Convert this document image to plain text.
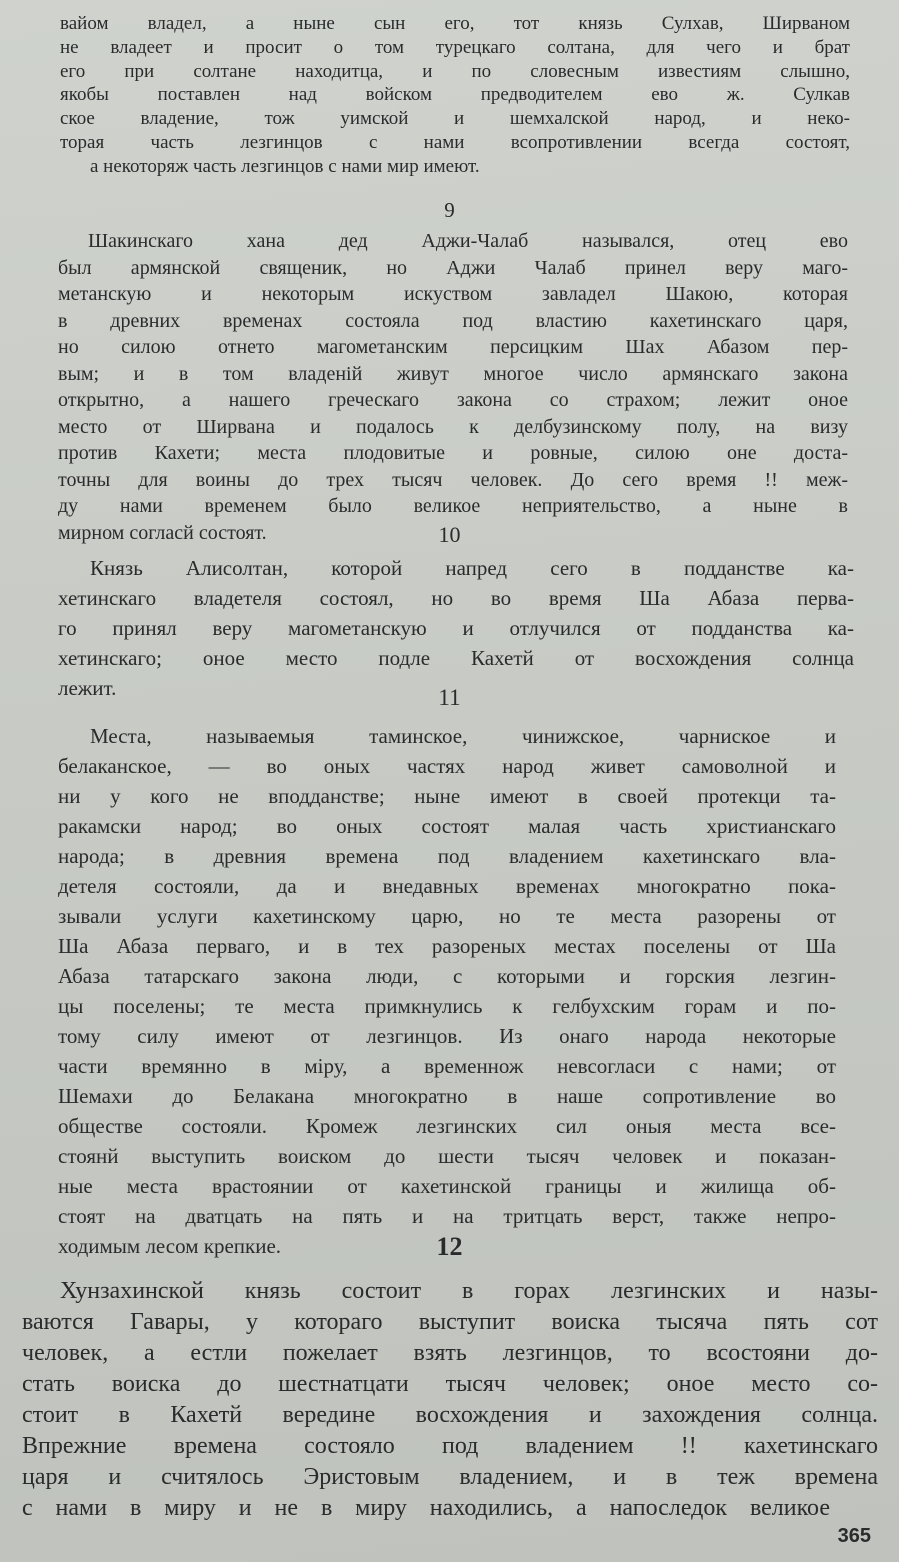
вайом владел, а ныне сын его, тот князь Сулхав, Ширваном
не владеет и просит о том турецкаго солтана, для чего и брат
его при солтане находитца, и по словесным известиям слышно,
якобы поставлен над войском предводителем ево ж. Сулкав
ское владение, тож уимской и шемхалской народ, и неко-
торая часть лезгинцов с нами всопротивлении всегда состоят,
а некоторяж часть лезгинцов с нами мир имеют.
9
Шакинскаго хана дед Аджи-Чалаб назывался, отец ево
был армянской священик, но Аджи Чалаб принел веру маго-
метанскую и некоторым искуством завладел Шакою, которая
в древних временах состояла под властию кахетинскаго царя,
но силою отнето магометанским персицким Шах Абазом пер-
вым; и в том владеній живут многое число армянскаго закона
открытно, а нашего греческаго закона со страхом; лежит оное
место от Ширвана и подалось к делбузинскому полу, на визу
против Кахети; места плодовитые и ровные, силою оне доста-
точны для воины до трех тысяч человек. До сего время !! меж-
ду нами временем было великое неприятельство, а ныне в
мирном согласй состоят.	10
Князь Алисолтан, которой напред сего в подданстве ка-
хетинскаго владетеля состоял, но во время Ша Абаза перва-
го принял веру магометанскую и отлучился от подданства ка-
хетинскаго; оное место подле Кахетй от восхождения солнца
лежит.	11
Места, называемыя таминское, чинижское, чарниское и
белаканское, — во оных частях народ живет самоволной и
ни у кого не вподданстве; ныне имеют в своей протекци та-
ракамски народ; во оных состоят малая часть христианскаго
народа; в древния времена под владением кахетинскаго вла-
детеля состояли, да и внедавных временах многократно пока-
зывали услуги кахетинскому царю, но те места разорены от
Ша Абаза перваго, и в тех разореных местах поселены от Ша
Абаза татарскаго закона люди, с которыми и горския лезгин-
цы поселены; те места примкнулись к гелбухским горам и по-
тому силу имеют от лезгинцов. Из онаго народа некоторые
части времянно в міру, а временнож невсогласи с нами; от
Шемахи до Белакана многократно в наше сопротивление во
обществе состояли. Кромеж лезгинских сил оныя места все-
стоянй выступить воиском до шести тысяч человек и показан-
ные места врастоянии от кахетинской границы и жилища об-
стоят на дватцать на пять и на тритцать верст, также непро-
ходимым лесом крепкие.	12
Хунзахинской князь состоит в горах лезгинских и назы-
ваются Гавары, у котораго выступит воиска тысяча пять сот
человек, а естли пожелает взять лезгинцов, то всостояни до-
стать воиска до шестнатцати тысяч человек; оное место со-
стоит в Кахетй вередине восхождения и захождения солнца.
Впрежние времена состояло под владением !! кахетинскаго
царя и считялось Эристовым владением, и в теж времена
с нами в миру и не в миру находились, а напоследок великое
365
